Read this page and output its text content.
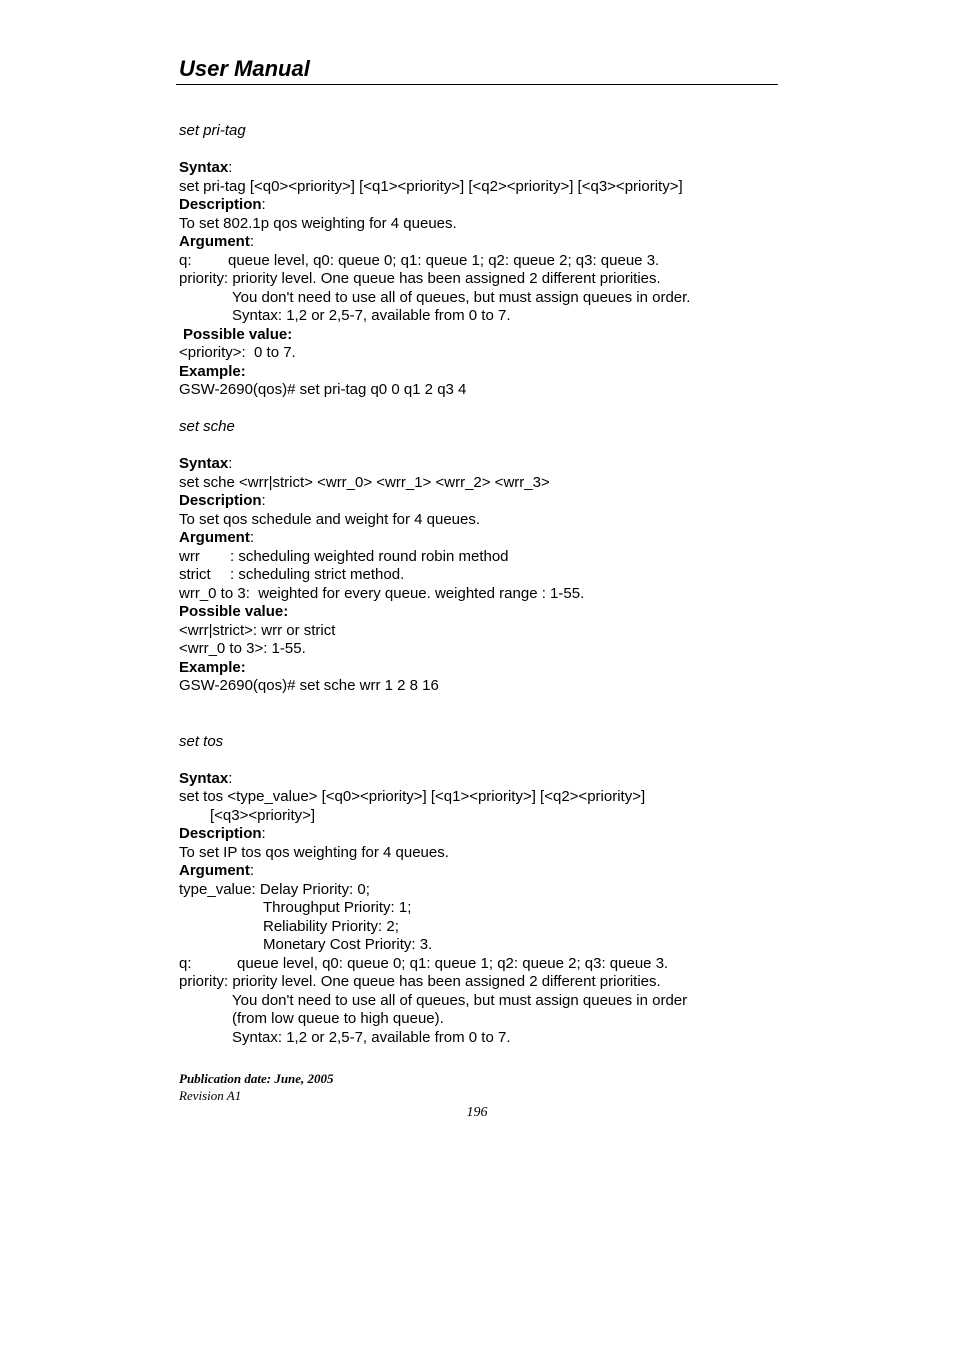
User Manual
set pri-tag
Syntax:
set pri-tag [<q0><priority>] [<q1><priority>] [<q2><priority>] [<q3><priority>]
Description:
To set 802.1p qos weighting for 4 queues.
Argument:
q: queue level, q0: queue 0; q1: queue 1; q2: queue 2; q3: queue 3.
priority: priority level. One queue has been assigned 2 different priorities.
You don't need to use all of queues, but must assign queues in order.
Syntax: 1,2 or 2,5-7, available from 0 to 7.
Possible value:
<priority>:  0 to 7.
Example:
GSW-2690(qos)# set pri-tag q0 0 q1 2 q3 4
set sche
Syntax:
set sche <wrr|strict> <wrr_0> <wrr_1> <wrr_2> <wrr_3>
Description:
To set qos schedule and weight for 4 queues.
Argument:
wrr : scheduling weighted round robin method
strict : scheduling strict method.
wrr_0 to 3:  weighted for every queue. weighted range : 1-55.
Possible value:
<wrr|strict>: wrr or strict
<wrr_0 to 3>: 1-55.
Example:
GSW-2690(qos)# set sche wrr 1 2 8 16
set tos
Syntax:
set tos <type_value> [<q0><priority>] [<q1><priority>] [<q2><priority>]
[<q3><priority>]
Description:
To set IP tos qos weighting for 4 queues.
Argument:
type_value: Delay Priority: 0;
Throughput Priority: 1;
Reliability Priority: 2;
Monetary Cost Priority: 3.
q:	queue level, q0: queue 0; q1: queue 1; q2: queue 2; q3: queue 3.
priority: priority level. One queue has been assigned 2 different priorities.
You don't need to use all of queues, but must assign queues in order
(from low queue to high queue).
Syntax: 1,2 or 2,5-7, available from 0 to 7.
Publication date: June, 2005
Revision A1
196
